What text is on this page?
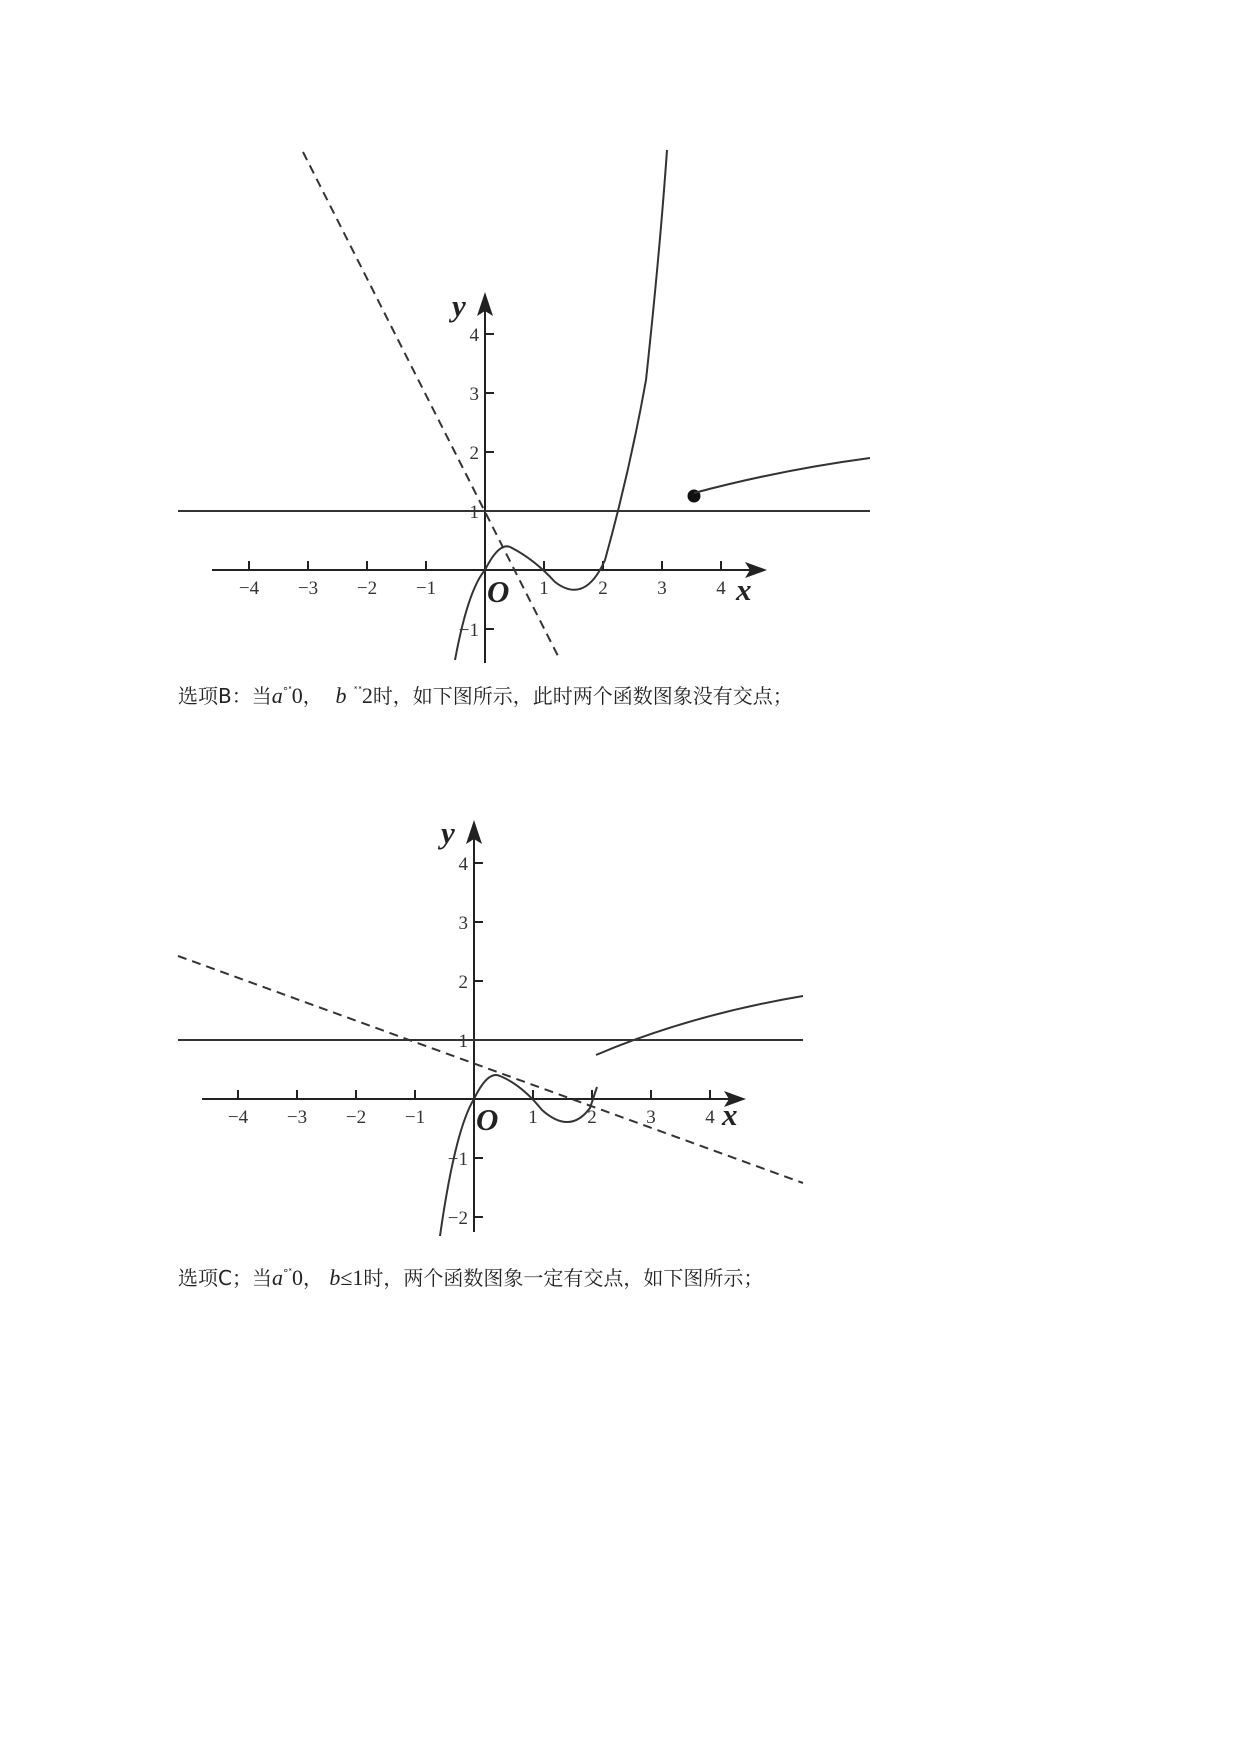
−4 −3 −2 −1	1	2	3	4
4
3
2
1
−1
y
x
O
选项B：当a°˟0， b ˟˟2时，如下图所示，此时两个函数图象没有交点；
−4 −3 −2 −1	1	2	3	4
4
3
2
1
−1
−2
y
x
O
选项C；当a°˟0， b≤1时，两个函数图象一定有交点，如下图所示；
